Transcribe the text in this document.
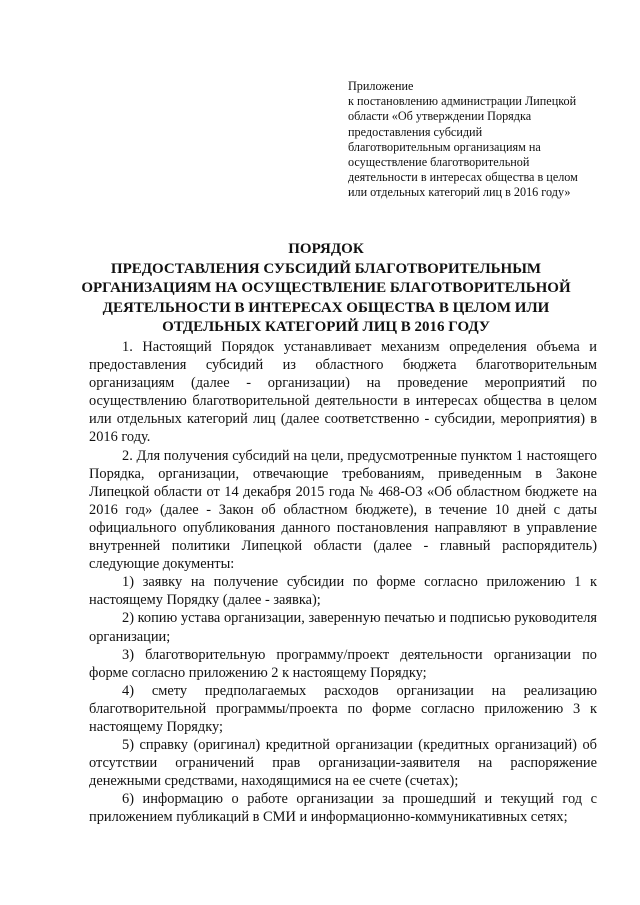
Приложение
к постановлению администрации Липецкой
области «Об утверждении Порядка
предоставления субсидий
благотворительным организациям на
осуществление благотворительной
деятельности в интересах общества в целом
или отдельных категорий лиц в 2016 году»
ПОРЯДОК
ПРЕДОСТАВЛЕНИЯ СУБСИДИЙ БЛАГОТВОРИТЕЛЬНЫМ
ОРГАНИЗАЦИЯМ НА ОСУЩЕСТВЛЕНИЕ БЛАГОТВОРИТЕЛЬНОЙ
ДЕЯТЕЛЬНОСТИ В ИНТЕРЕСАХ ОБЩЕСТВА В ЦЕЛОМ ИЛИ
ОТДЕЛЬНЫХ КАТЕГОРИЙ ЛИЦ В 2016 ГОДУ

1. Настоящий Порядок устанавливает механизм определения объема и предоставления субсидий из областного бюджета благотворительным организациям (далее - организации) на проведение мероприятий по осуществлению благотворительной деятельности в интересах общества в целом или отдельных категорий лиц (далее соответственно - субсидии, мероприятия) в 2016 году.

2. Для получения субсидий на цели, предусмотренные пунктом 1 настоящего Порядка, организации, отвечающие требованиям, приведенным в Законе Липецкой области от 14 декабря 2015 года № 468-ОЗ «Об областном бюджете на 2016 год» (далее - Закон об областном бюджете), в течение 10 дней с даты официального опубликования данного постановления направляют в управление внутренней политики Липецкой области (далее - главный распорядитель) следующие документы:

1) заявку на получение субсидии по форме согласно приложению 1 к настоящему Порядку (далее - заявка);

2) копию устава организации, заверенную печатью и подписью руководителя организации;

3) благотворительную программу/проект деятельности организации по форме согласно приложению 2 к настоящему Порядку;

4) смету предполагаемых расходов организации на реализацию благотворительной программы/проекта по форме согласно приложению 3 к настоящему Порядку;

5) справку (оригинал) кредитной организации (кредитных организаций) об отсутствии ограничений прав организации-заявителя на распоряжение денежными средствами, находящимися на ее счете (счетах);

6) информацию о работе организации за прошедший и текущий год с приложением публикаций в СМИ и информационно-коммуникативных сетях;
